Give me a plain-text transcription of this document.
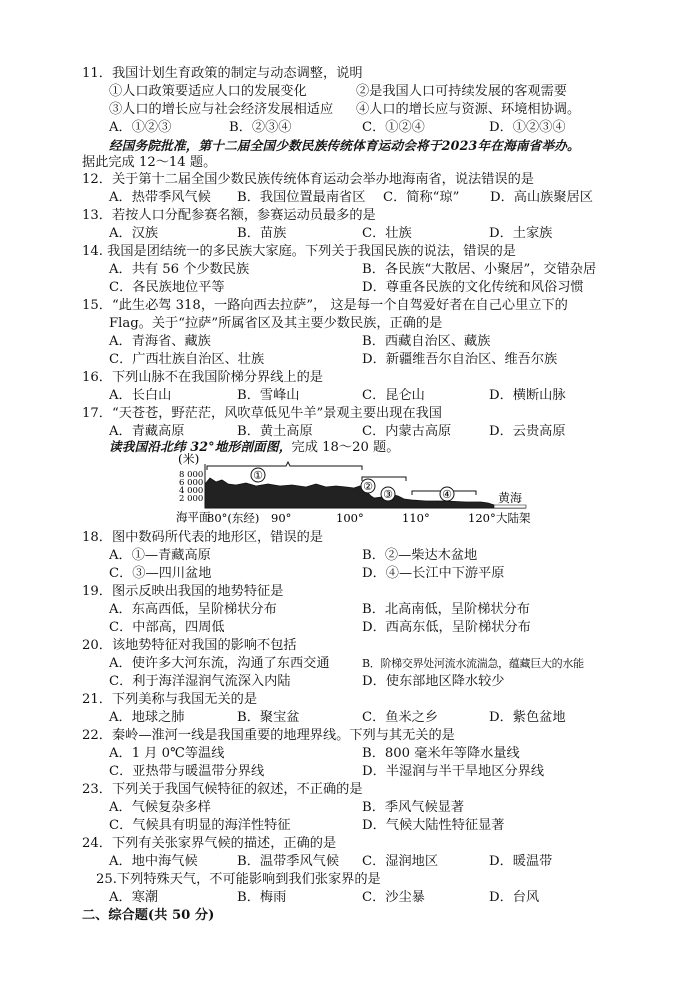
11．我国计划生育政策的制定与动态调整，说明
①人口政策要适应人口的发展变化	②是我国人口可持续发展的客观需要
③人口的增长应与社会经济发展相适应 ④人口的增长应与资源、环境相协调。
A．①②③	B．②③④	C．①②④	D．①②③④
经国务院批准，第十二届全国少数民族传统体育运动会将于2023年在海南省举办。
据此完成 12～14 题。
12．关于第十二届全国少数民族传统体育运动会举办地海南省，说法错误的是
A．热带季风气候 B．我国位置最南省区 C．简称“琼” D．高山族聚居区
13．若按人口分配参赛名额，参赛运动员最多的是
A．汉族	B．苗族	C．壮族	D．土家族
14. 我国是团结统一的多民族大家庭。下列关于我国民族的说法，错误的是
A．共有 56 个少数民族	B．各民族“大散居、小聚居”，交错杂居
C．各民族地位平等	D．尊重各民族的文化传统和风俗习惯
15．“此生必驾 318，一路向西去拉萨”， 这是每一个自驾爱好者在自己心里立下的
Flag。关于“拉萨”所属省区及其主要少数民族，正确的是
A．青海省、藏族	B．西藏自治区、藏族
C．广西壮族自治区、壮族	D．新疆维吾尔自治区、维吾尔族
16．下列山脉不在我国阶梯分界线上的是
A．长白山	B．雪峰山	C．昆仑山	D．横断山脉
17．“天苍苍，野茫茫，风吹草低见牛羊”景观主要出现在我国
A．青藏高原	B．黄土高原	C．内蒙古高原	D．云贵高原
读我国沿北纬 32°地形剖面图，完成 18～20 题。
(米)
8 000
6 000
4 000
2 000
①
②
③	④	黄海
海平面
80°(东经) 90°	100°	110°	120° 大陆架
18．图中数码所代表的地形区，错误的是
A．①—青藏高原	B．②—柴达木盆地
C．③—四川盆地	D．④—长江中下游平原
19．图示反映出我国的地势特征是
A．东高西低，呈阶梯状分布	B．北高南低，呈阶梯状分布
C．中部高，四周低	D．西高东低，呈阶梯状分布
20．该地势特征对我国的影响不包括
A．使许多大河东流，沟通了东西交通	B．阶梯交界处河流水流湍急，蕴藏巨大的水能
C．利于海洋湿润气流深入内陆	D．使东部地区降水较少
21．下列美称与我国无关的是
A．地球之肺	B．聚宝盆	C．鱼米之乡	D．紫色盆地
22．秦岭—淮河一线是我国重要的地理界线。下列与其无关的是
A．1 月 0℃等温线	B．800 毫米年等降水量线
C．亚热带与暖温带分界线	D．半湿润与半干旱地区分界线
23．下列关于我国气候特征的叙述，不正确的是
A．气候复杂多样	B．季风气候显著
C．气候具有明显的海洋性特征	D．气候大陆性特征显著
24．下列有关张家界气候的描述，正确的是
A．地中海气候	B．温带季风气候 C．湿润地区	D．暖温带
25.下列特殊天气，不可能影响到我们张家界的是
A．寒潮	B．梅雨	C．沙尘暴	D．台风
二、综合题(共 50 分)
